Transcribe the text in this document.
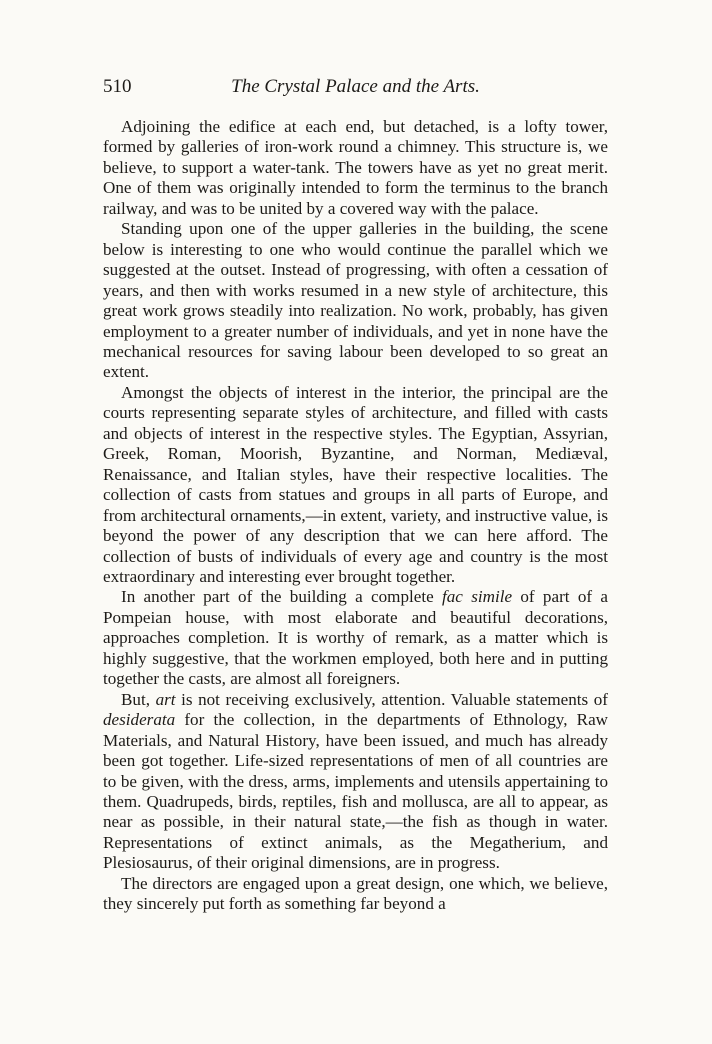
510	The Crystal Palace and the Arts.

Adjoining the edifice at each end, but detached, is a lofty tower, formed by galleries of iron-work round a chimney. This structure is, we believe, to support a water-tank. The towers have as yet no great merit. One of them was originally intended to form the terminus to the branch railway, and was to be united by a covered way with the palace.

Standing upon one of the upper galleries in the building, the scene below is interesting to one who would continue the parallel which we suggested at the outset. Instead of progressing, with often a cessation of years, and then with works resumed in a new style of architecture, this great work grows steadily into realization. No work, probably, has given employment to a greater number of individuals, and yet in none have the mechanical resources for saving labour been developed to so great an extent.

Amongst the objects of interest in the interior, the principal are the courts representing separate styles of architecture, and filled with casts and objects of interest in the respective styles. The Egyptian, Assyrian, Greek, Roman, Moorish, Byzantine, and Norman, Mediæval, Renaissance, and Italian styles, have their respective localities. The collection of casts from statues and groups in all parts of Europe, and from architectural ornaments,—in extent, variety, and instructive value, is beyond the power of any description that we can here afford. The collection of busts of individuals of every age and country is the most extraordinary and interesting ever brought together.

In another part of the building a complete fac simile of part of a Pompeian house, with most elaborate and beautiful decorations, approaches completion. It is worthy of remark, as a matter which is highly suggestive, that the workmen employed, both here and in putting together the casts, are almost all foreigners.

But, art is not receiving exclusively, attention. Valuable statements of desiderata for the collection, in the departments of Ethnology, Raw Materials, and Natural History, have been issued, and much has already been got together. Life-sized representations of men of all countries are to be given, with the dress, arms, implements and utensils appertaining to them. Quadrupeds, birds, reptiles, fish and mollusca, are all to appear, as near as possible, in their natural state,—the fish as though in water. Representations of extinct animals, as the Megatherium, and Plesiosaurus, of their original dimensions, are in progress.

The directors are engaged upon a great design, one which, we believe, they sincerely put forth as something far beyond a
